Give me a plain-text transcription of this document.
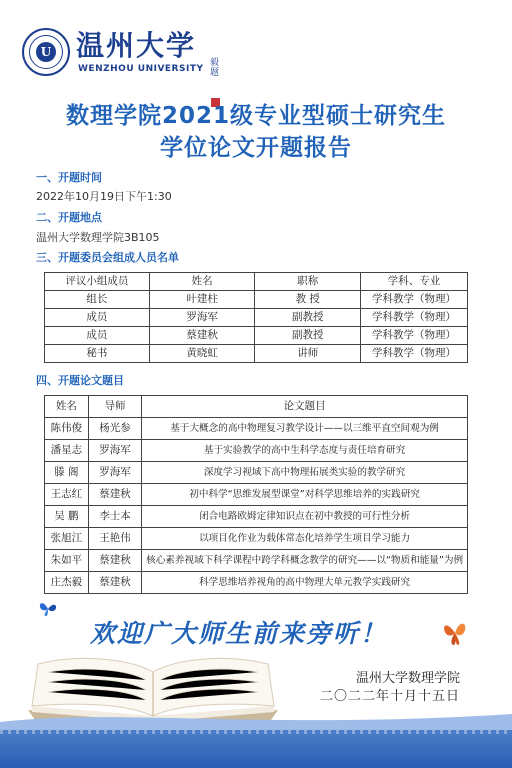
U 温州大学
WENZHOU UNIVERSITY
毅题
数理学院2021级专业型硕士研究生
学位论文开题报告
一、开题时间
2022年10月19日下午1:30
二、开题地点
温州大学数理学院3B105
三、开题委员会组成人员名单
评议小组成员	姓名	职称	学科、专业
组长	叶建柱	教 授	学科教学（物理）
成员	罗海军	副教授	学科教学（物理）
成员	蔡建秋	副教授	学科教学（物理）
秘书	黄晓虹	讲师	学科教学（物理）
四、开题论文题目
姓名	导师	论文题目
陈伟俊	杨光参	基于大概念的高中物理复习教学设计——以三维平直空间观为例
潘星志	罗海军	基于实验教学的高中生科学态度与责任培育研究
滕 阁	罗海军	深度学习视域下高中物理拓展类实验的教学研究
王志红	蔡建秋	初中科学“思维发展型课堂”对科学思维培养的实践研究
吴 鹏	李士本	闭合电路欧姆定律知识点在初中教授的可行性分析
张旭江	王艳伟	以项目化作业为载体常态化培养学生项目学习能力
朱如平	蔡建秋	核心素养视域下科学课程中跨学科概念教学的研究——以“物质和能量”为例
庄杰毅	蔡建秋	科学思维培养视角的高中物理大单元教学实践研究
欢迎广大师生前来旁听！
温州大学数理学院
二〇二二年十月十五日
